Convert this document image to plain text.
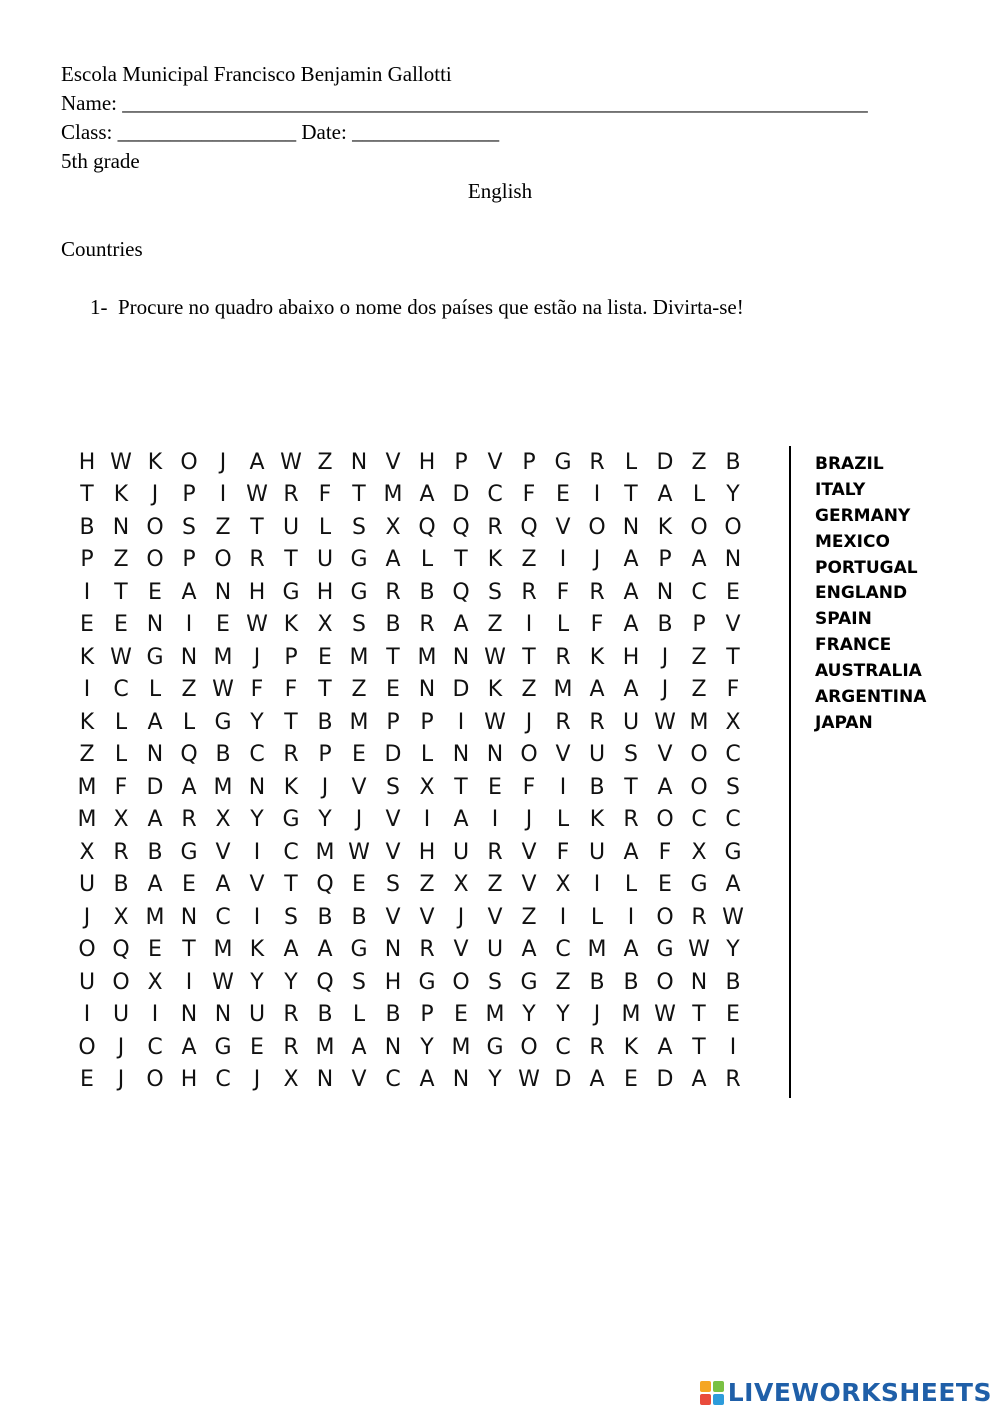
Escola Municipal Francisco Benjamin Gallotti
Name: _______________________________________________________________________
Class: _________________ Date: ______________
5th grade
English
Countries
1-  Procure no quadro abaixo o nome dos países que estão na lista. Divirta-se!
H W K O	J	A W Z N V H P V P G R L D Z B
T K	J	P	I W R F T M A D C F E	I	T A L Y
B N O S Z T U L S X Q Q R Q V O N K O O
P Z O P O R T U G A L T K Z	I	J	A P A N
I	T E A N H G H G R B Q S R F R A N C E
E E N	I	E W K X S B R A Z	I	L F A B P V
K W G N M J	P E M T M N W T R K H	J	Z T
I	C L Z W F F T Z E N D K Z M A A	J	Z F
K L A L G Y T B M P P	I W J	R R U W M X
Z L N Q B C R P E D L N N O V U S V O C
M F D A M N K	J	V S X T E F	I	B T A O S
M X A R X Y G Y	J	V	I	A	I	J	L K R O C C
X R B G V	I	C M W V H U R V F U A F X G
U B A E A V T Q E S Z X Z V X	I	L E G A
J	X M N C	I	S B B V V	J	V Z	I	L	I	O R W
O Q E T M K A A G N R V U A C M A G W Y
U O X	I W Y Y Q S H G O S G Z B B O N B
I	U	I	N N U R B L B P E M Y Y	J M W T E
O	J	C A G E R M A N Y M G O C R K A T	I
E	J	O H C	J	X N V C A N Y W D A E D A R
BRAZIL
ITALY
GERMANY
MEXICO
PORTUGAL
ENGLAND
SPAIN
FRANCE
AUSTRALIA
ARGENTINA
JAPAN
LIVEWORKSHEETS
